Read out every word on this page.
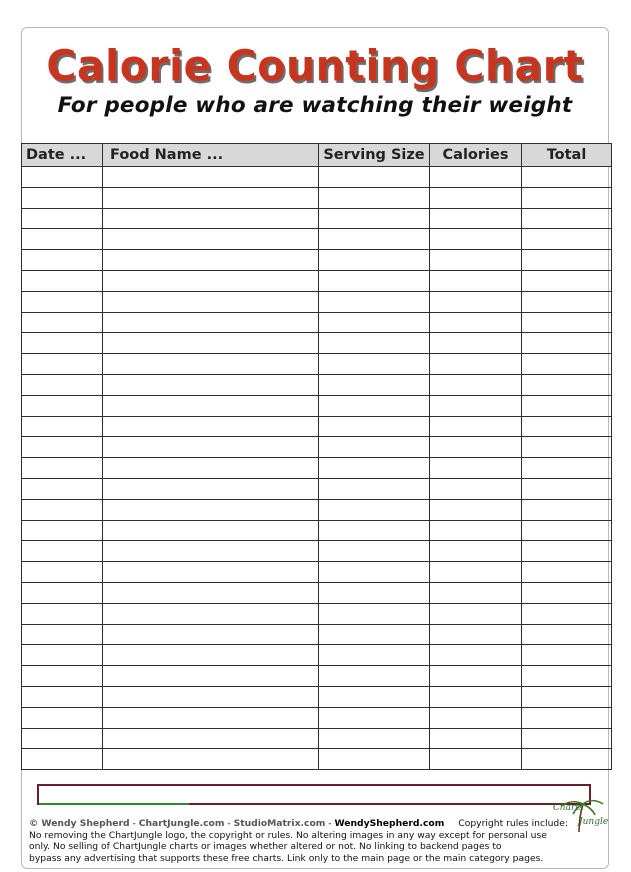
Calorie Counting Chart
For people who are watching their weight
Date ...	Food Name ...	Serving Size	Calories	Total

Charts
Jungle
© Wendy Shepherd - ChartJungle.com - StudioMatrix.com - WendyShepherd.com Copyright rules include:
No removing the ChartJungle logo, the copyright or rules. No altering images in any way except for personal use
only. No selling of ChartJungle charts or images whether altered or not. No linking to backend pages to
bypass any advertising that supports these free charts. Link only to the main page or the main category pages.
